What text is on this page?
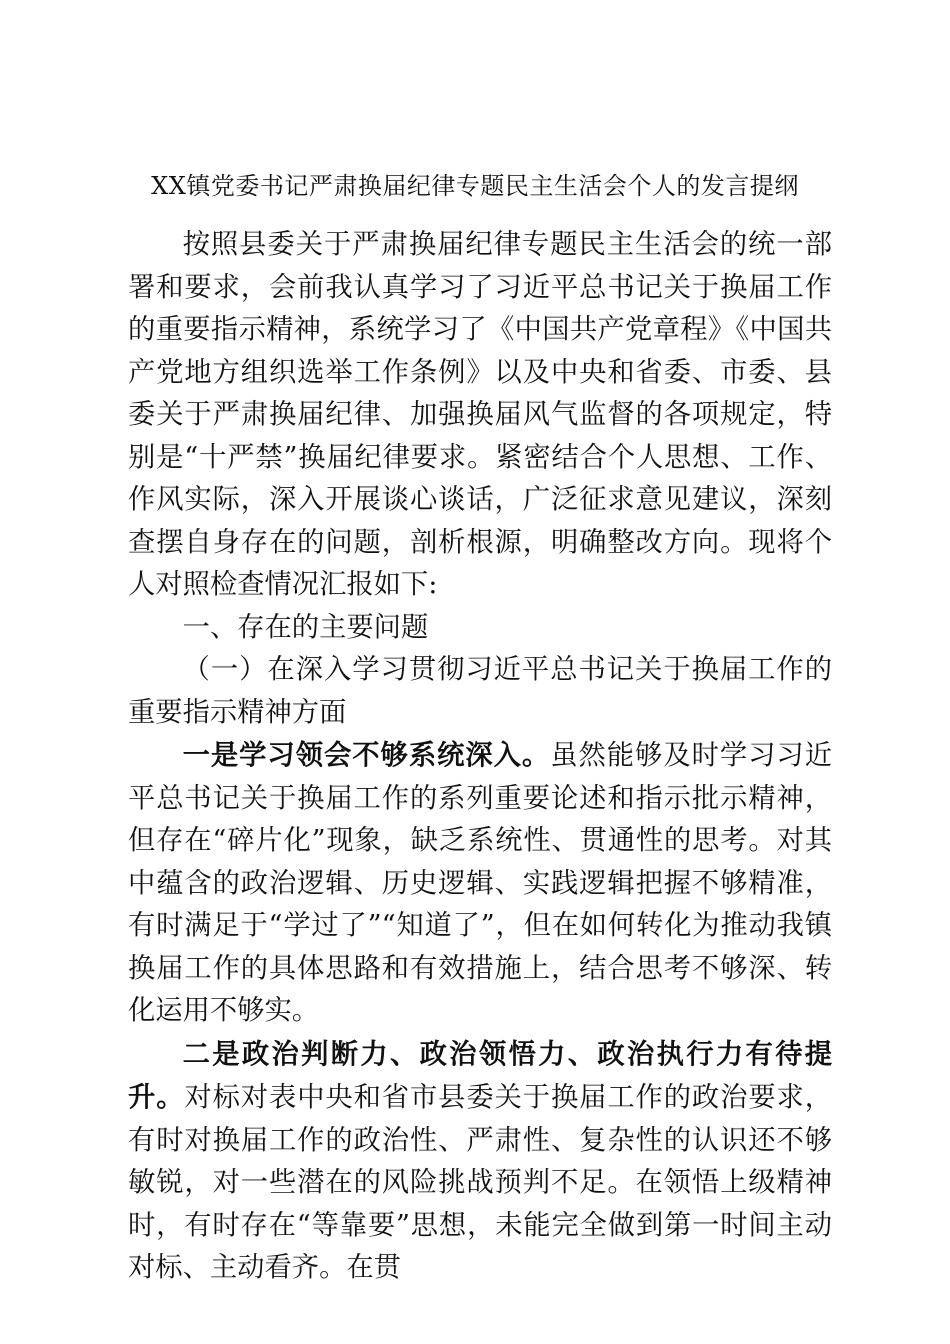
XX镇党委书记严肃换届纪律专题民主生活会个人的发言提纲

按照县委关于严肃换届纪律专题民主生活会的统一部署和要求，会前我认真学习了习近平总书记关于换届工作的重要指示精神，系统学习了《中国共产党章程》《中国共产党地方组织选举工作条例》以及中央和省委、市委、县委关于严肃换届纪律、加强换届风气监督的各项规定，特别是“十严禁”换届纪律要求。紧密结合个人思想、工作、作风实际，深入开展谈心谈话，广泛征求意见建议，深刻查摆自身存在的问题，剖析根源，明确整改方向。现将个人对照检查情况汇报如下:

一、存在的主要问题

（一）在深入学习贯彻习近平总书记关于换届工作的重要指示精神方面

一是学习领会不够系统深入。虽然能够及时学习习近平总书记关于换届工作的系列重要论述和指示批示精神，但存在“碎片化”现象，缺乏系统性、贯通性的思考。对其中蕴含的政治逻辑、历史逻辑、实践逻辑把握不够精准，有时满足于“学过了”“知道了”，但在如何转化为推动我镇换届工作的具体思路和有效措施上，结合思考不够深、转化运用不够实。

二是政治判断力、政治领悟力、政治执行力有待提升。对标对表中央和省市县委关于换届工作的政治要求，有时对换届工作的政治性、严肃性、复杂性的认识还不够敏锐，对一些潜在的风险挑战预判不足。在领悟上级精神时，有时存在“等靠要”思想，未能完全做到第一时间主动对标、主动看齐。在贯
